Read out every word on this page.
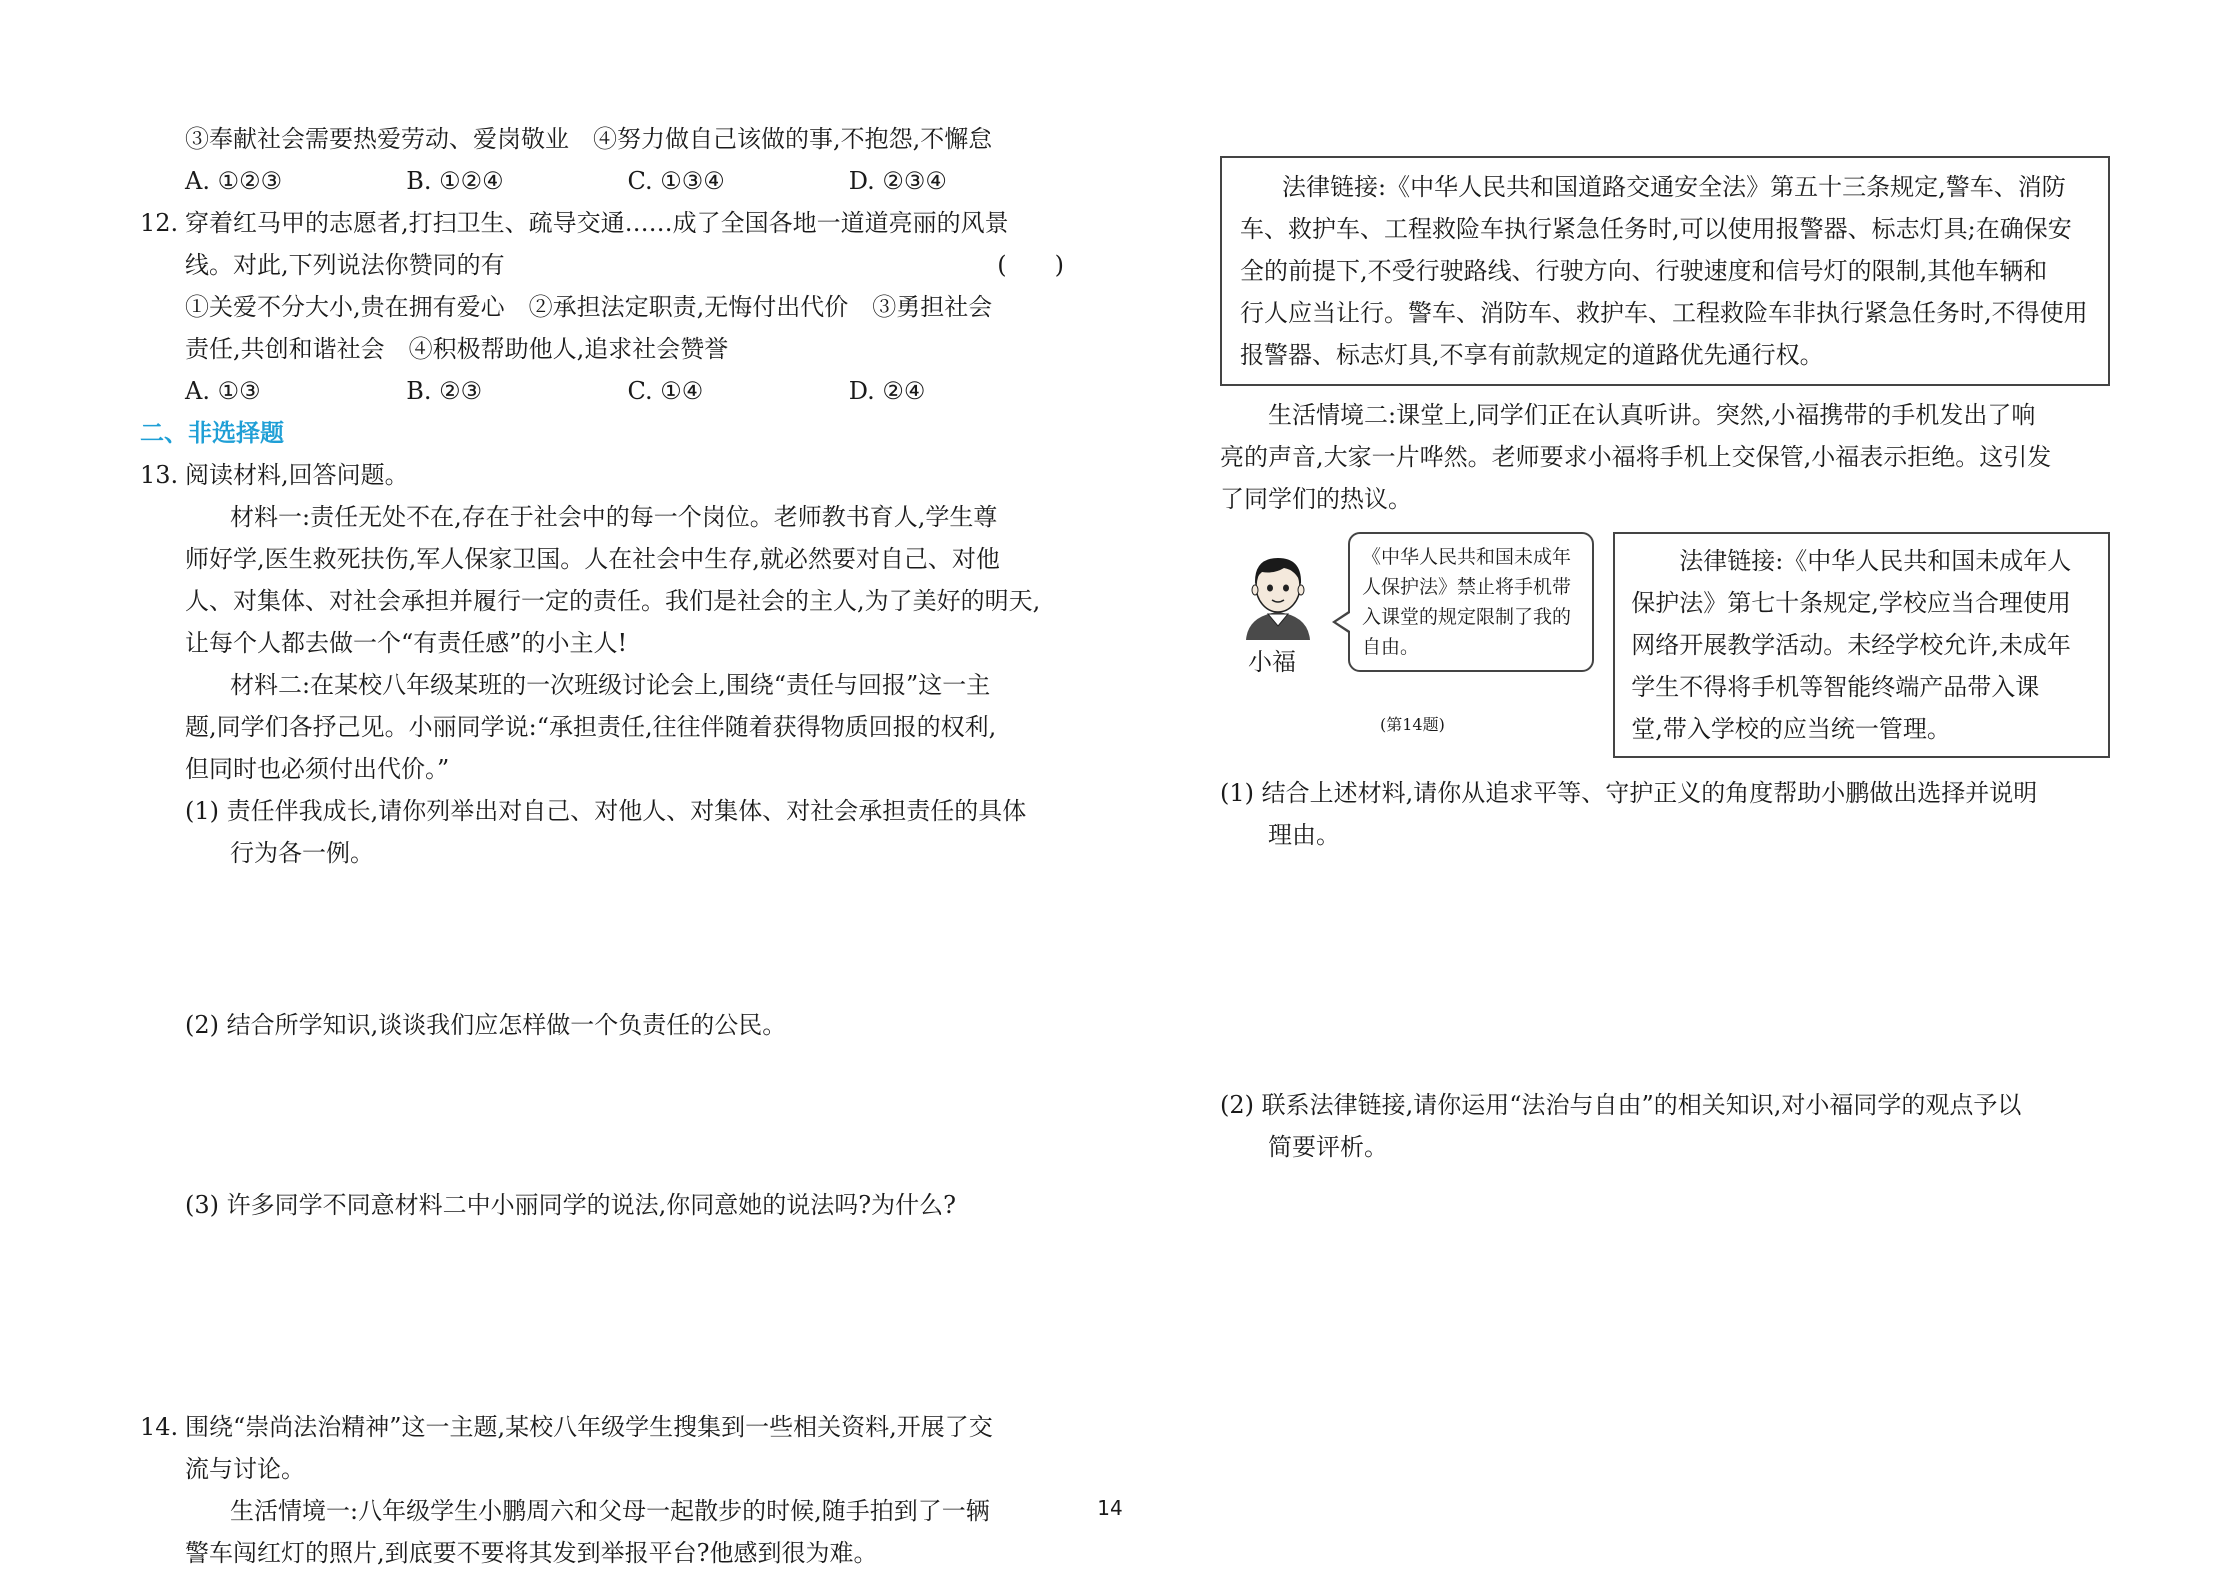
③奉献社会需要热爱劳动、爱岗敬业　④努力做自己该做的事,不抱怨,不懈怠
A. ①②③	B. ①②④	C. ①③④	D. ②③④
12. 穿着红马甲的志愿者,打扫卫生、疏导交通……成了全国各地一道道亮丽的风景
线。对此,下列说法你赞同的有	(　　)
①关爱不分大小,贵在拥有爱心　②承担法定职责,无悔付出代价　③勇担社会
责任,共创和谐社会　④积极帮助他人,追求社会赞誉
A. ①③	B. ②③	C. ①④	D. ②④
二、非选择题
13. 阅读材料,回答问题。
材料一:责任无处不在,存在于社会中的每一个岗位。老师教书育人,学生尊
师好学,医生救死扶伤,军人保家卫国。人在社会中生存,就必然要对自己、对他
人、对集体、对社会承担并履行一定的责任。我们是社会的主人,为了美好的明天,
让每个人都去做一个“有责任感”的小主人!
材料二:在某校八年级某班的一次班级讨论会上,围绕“责任与回报”这一主
题,同学们各抒己见。小丽同学说:“承担责任,往往伴随着获得物质回报的权利,
但同时也必须付出代价。”
(1) 责任伴我成长,请你列举出对自己、对他人、对集体、对社会承担责任的具体
行为各一例。
(2) 结合所学知识,谈谈我们应怎样做一个负责任的公民。
(3) 许多同学不同意材料二中小丽同学的说法,你同意她的说法吗?为什么?
14. 围绕“崇尚法治精神”这一主题,某校八年级学生搜集到一些相关资料,开展了交
流与讨论。
生活情境一:八年级学生小鹏周六和父母一起散步的时候,随手拍到了一辆
警车闯红灯的照片,到底要不要将其发到举报平台?他感到很为难。
法律链接:《中华人民共和国道路交通安全法》第五十三条规定,警车、消防
车、救护车、工程救险车执行紧急任务时,可以使用报警器、标志灯具;在确保安
全的前提下,不受行驶路线、行驶方向、行驶速度和信号灯的限制,其他车辆和
行人应当让行。警车、消防车、救护车、工程救险车非执行紧急任务时,不得使用
报警器、标志灯具,不享有前款规定的道路优先通行权。
生活情境二:课堂上,同学们正在认真听讲。突然,小福携带的手机发出了响
亮的声音,大家一片哗然。老师要求小福将手机上交保管,小福表示拒绝。这引发
了同学们的热议。
小福
《中华人民共和国未成年人保护法》禁止将手机带入课堂的规定限制了我的自由。
(第14题)
法律链接:《中华人民共和国未成年人
保护法》第七十条规定,学校应当合理使用
网络开展教学活动。未经学校允许,未成年
学生不得将手机等智能终端产品带入课
堂,带入学校的应当统一管理。
(1) 结合上述材料,请你从追求平等、守护正义的角度帮助小鹏做出选择并说明
理由。
(2) 联系法律链接,请你运用“法治与自由”的相关知识,对小福同学的观点予以
简要评析。
14
